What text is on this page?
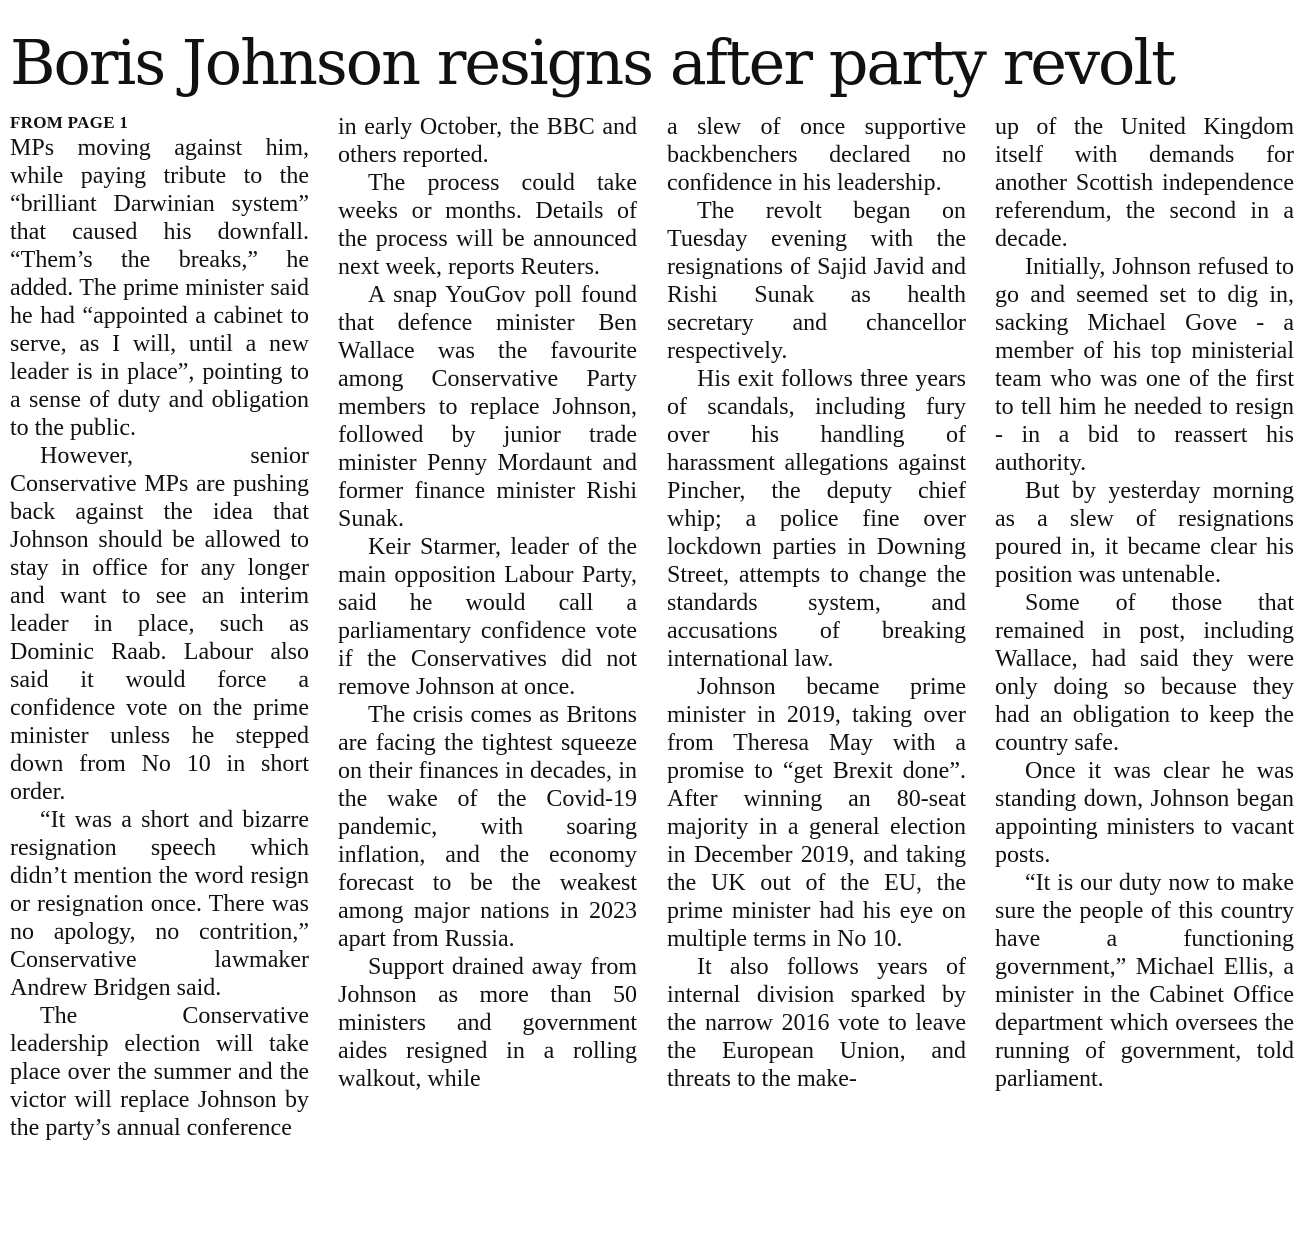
Boris Johnson resigns after party revolt
FROM PAGE 1

MPs moving against him, while paying tribute to the “brilliant Darwinian system” that caused his downfall. “Them’s the breaks,” he added. The prime minister said he had “appointed a cabinet to serve, as I will, until a new leader is in place”, pointing to a sense of duty and obligation to the public.

However, senior Conservative MPs are pushing back against the idea that Johnson should be allowed to stay in office for any longer and want to see an interim leader in place, such as Dominic Raab. Labour also said it would force a confidence vote on the prime minister unless he stepped down from No 10 in short order.

“It was a short and bizarre resignation speech which didn’t mention the word resign or resignation once. There was no apology, no contrition,” Conservative lawmaker Andrew Bridgen said.

The Conservative leadership election will take place over the summer and the victor will replace Johnson by the party’s annual conference

in early October, the BBC and others reported.

The process could take weeks or months. Details of the process will be announced next week, reports Reuters.

A snap YouGov poll found that defence minister Ben Wallace was the favourite among Conservative Party members to replace Johnson, followed by junior trade minister Penny Mordaunt and former finance minister Rishi Sunak.

Keir Starmer, leader of the main opposition Labour Party, said he would call a parliamentary confidence vote if the Conservatives did not remove Johnson at once.

The crisis comes as Britons are facing the tightest squeeze on their finances in decades, in the wake of the Covid-19 pandemic, with soaring inflation, and the economy forecast to be the weakest among major nations in 2023 apart from Russia.

Support drained away from Johnson as more than 50 ministers and government aides resigned in a rolling walkout, while

a slew of once supportive backbenchers declared no confidence in his leadership.

The revolt began on Tuesday evening with the resignations of Sajid Javid and Rishi Sunak as health secretary and chancellor respectively.

His exit follows three years of scandals, including fury over his handling of harassment allegations against Pincher, the deputy chief whip; a police fine over lockdown parties in Downing Street, attempts to change the standards system, and accusations of breaking international law.

Johnson became prime minister in 2019, taking over from Theresa May with a promise to “get Brexit done”. After winning an 80-seat majority in a general election in December 2019, and taking the UK out of the EU, the prime minister had his eye on multiple terms in No 10.

It also follows years of internal division sparked by the narrow 2016 vote to leave the European Union, and threats to the make-

up of the United Kingdom itself with demands for another Scottish independence referendum, the second in a decade.

Initially, Johnson refused to go and seemed set to dig in, sacking Michael Gove - a member of his top ministerial team who was one of the first to tell him he needed to resign - in a bid to reassert his authority.

But by yesterday morning as a slew of resignations poured in, it became clear his position was untenable.

Some of those that remained in post, including Wallace, had said they were only doing so because they had an obligation to keep the country safe.

Once it was clear he was standing down, Johnson began appointing ministers to vacant posts.

“It is our duty now to make sure the people of this country have a functioning government,” Michael Ellis, a minister in the Cabinet Office department which oversees the running of government, told parliament.
